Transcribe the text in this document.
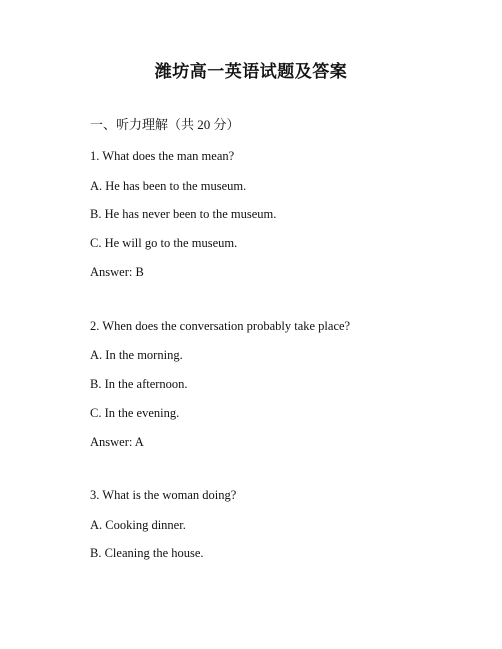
潍坊高一英语试题及答案
一、听力理解（共 20 分）
1. What does the man mean?
A. He has been to the museum.
B. He has never been to the museum.
C. He will go to the museum.
Answer: B
2. When does the conversation probably take place?
A. In the morning.
B. In the afternoon.
C. In the evening.
Answer: A
3. What is the woman doing?
A. Cooking dinner.
B. Cleaning the house.
